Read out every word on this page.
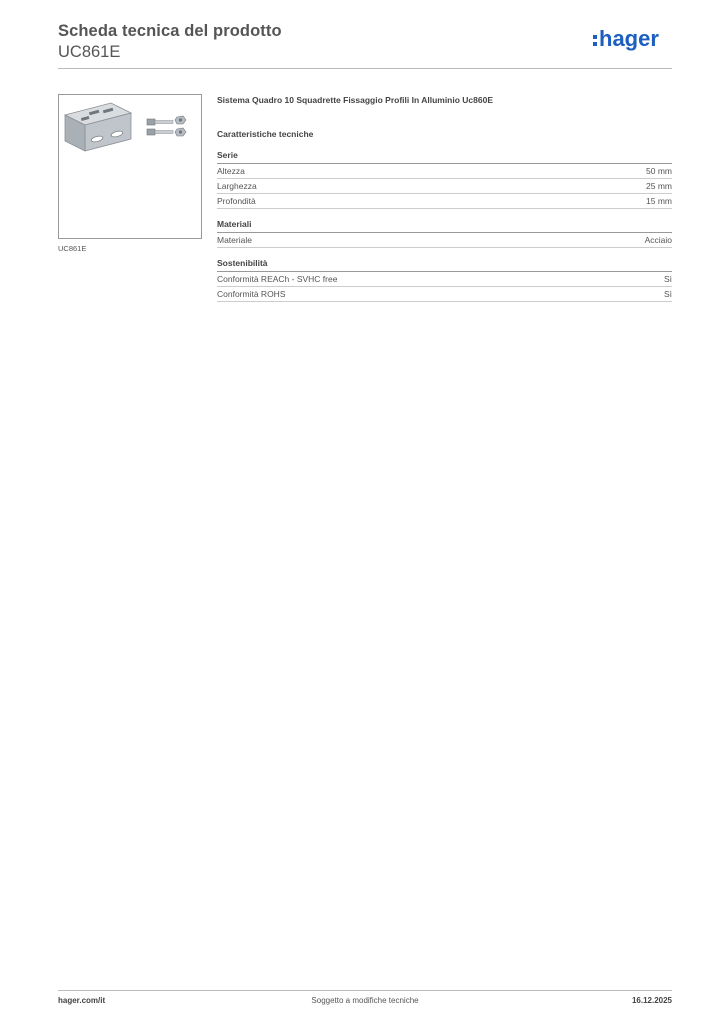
Scheda tecnica del prodotto
UC861E
hager
UC861E
Sistema Quadro 10 Squadrette Fissaggio Profili In Alluminio Uc860E
Caratteristiche tecniche
Serie
Altezza	50 mm
Larghezza	25 mm
Profondità	15 mm
Materiali
Materiale	Acciaio
Sostenibilità
Conformità REACh - SVHC free	Sì
Conformità ROHS	Sì
hager.com/it	Soggetto a modifiche tecniche	16.12.2025
